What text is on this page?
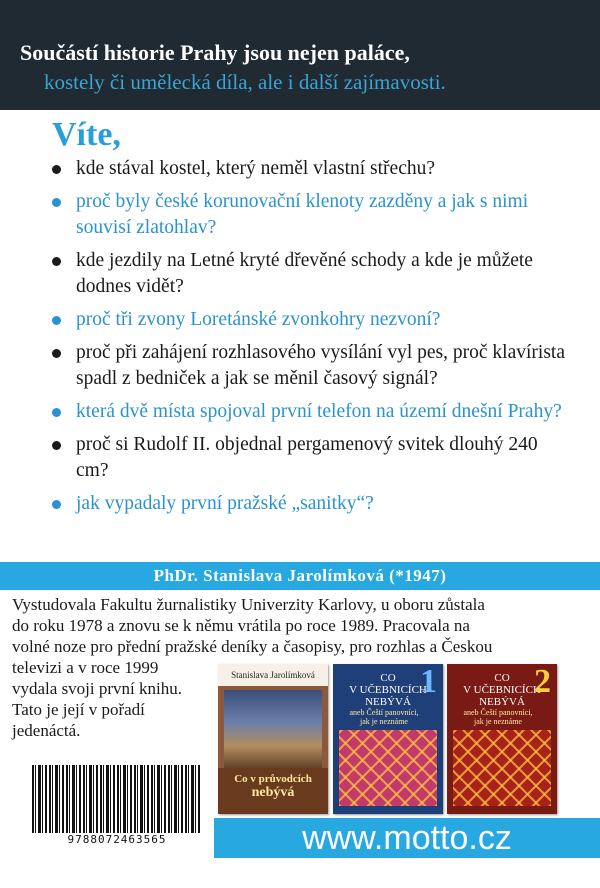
Součástí historie Prahy jsou nejen paláce,
kostely či umělecká díla, ale i další zajímavosti.
Víte,
kde stával kostel, který neměl vlastní střechu?
proč byly české korunovační klenoty zazděny a jak s nimi souvisí zlatohlav?
kde jezdily na Letné kryté dřevěné schody a kde je můžete dodnes vidět?
proč tři zvony Loretánské zvonkohry nezvoní?
proč při zahájení rozhlasového vysílání vyl pes, proč klavírista spadl z bedniček a jak se měnil časový signál?
která dvě místa spojoval první telefon na území dnešní Prahy?
proč si Rudolf II. objednal pergamenový svitek dlouhý 240 cm?
jak vypadaly první pražské „sanitky“?
PhDr. Stanislava Jarolímková (*1947)
Vystudovala Fakultu žurnalistiky Univerzity Karlovy, u oboru zůstala
do roku 1978 a znovu se k němu vrátila po roce 1989. Pracovala na
volné noze pro přední pražské deníky a časopisy, pro rozhlas a Českou
televizi a v roce 1999
vydala svoji první knihu.
Tato je její v pořadí
jedenáctá.
Stanislava Jarolímková
Co v průvodcích
nebývá
CO
V UČEBNICÍCH
NEBÝVÁ
1
aneb Čeští panovníci, jak je neznáme
CO
V UČEBNICÍCH
NEBÝVÁ
2
aneb Čeští panovníci, jak je neznáme
9788072463565	www.motto.cz
